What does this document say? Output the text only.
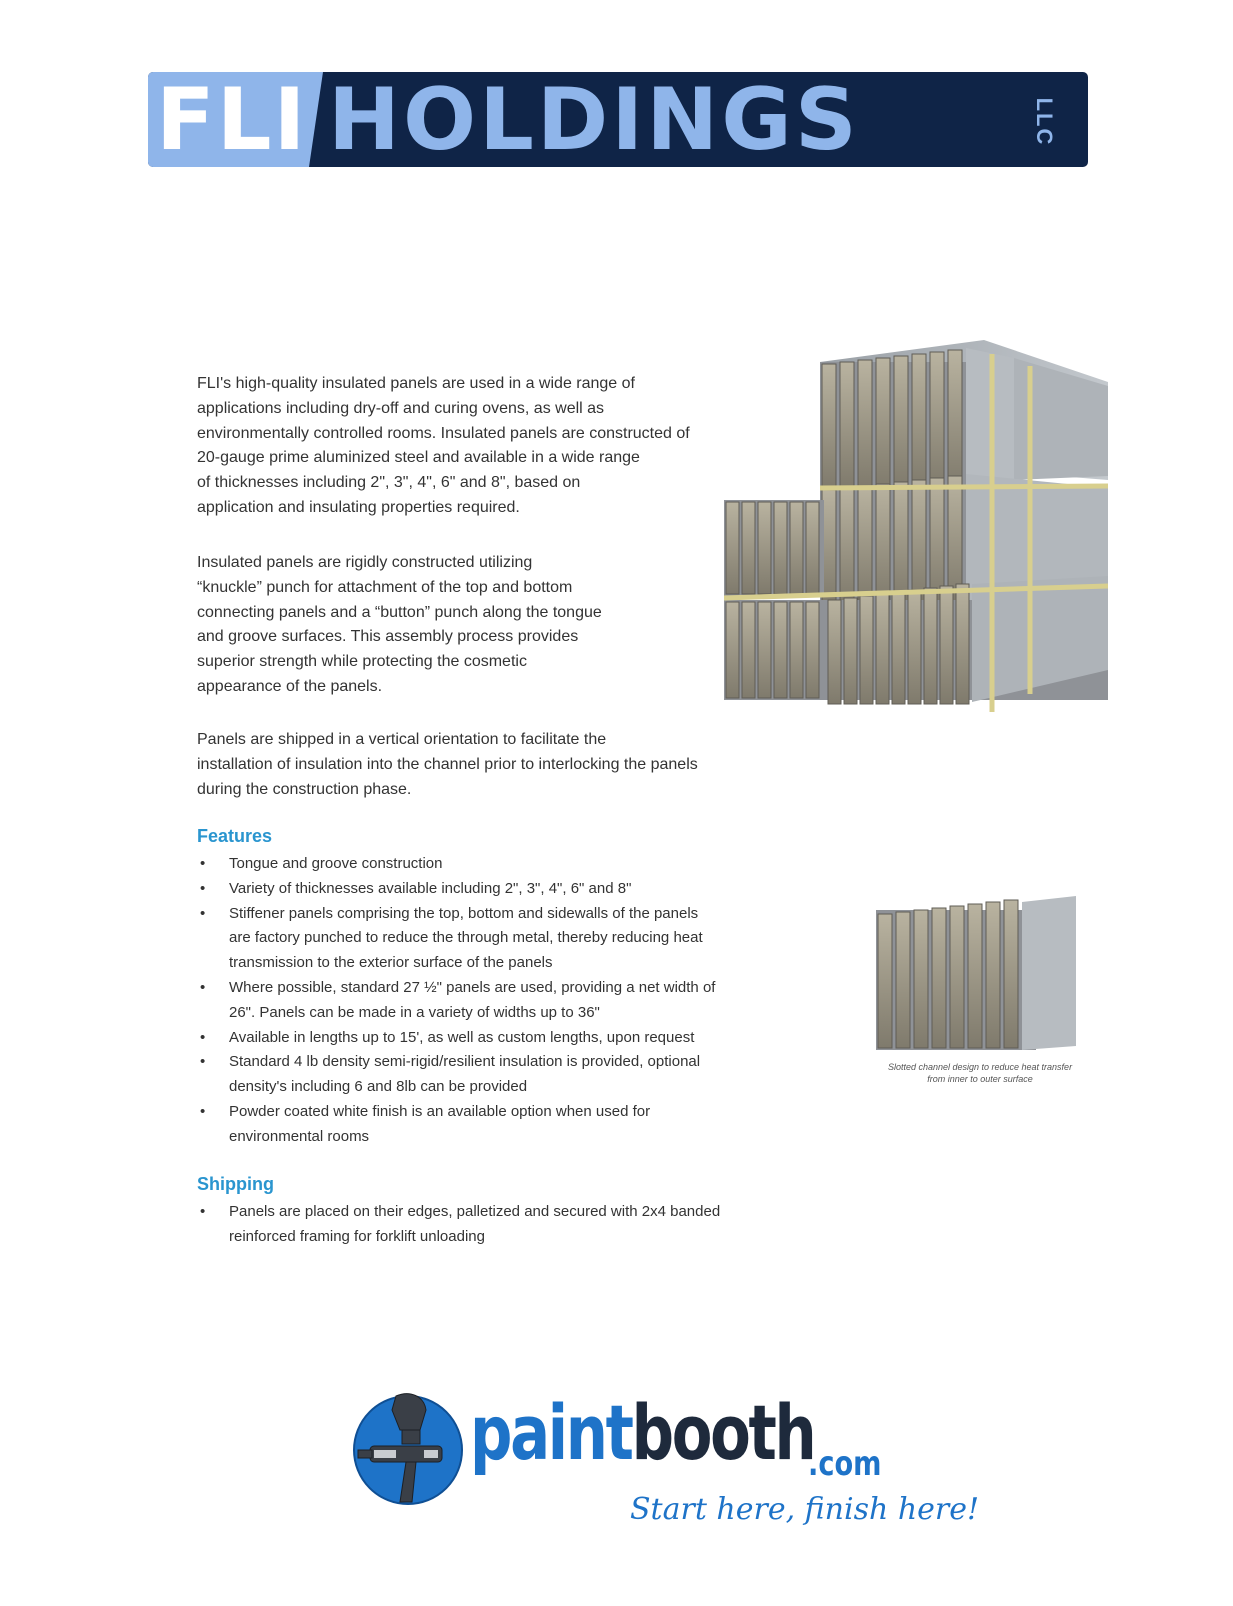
FLI HOLDINGS	LLC

FLI's high-quality insulated panels are used in a wide range of
applications including dry-off and curing ovens, as well as
environmentally controlled rooms. Insulated panels are constructed of
20-gauge prime aluminized steel and available in a wide range
of thicknesses including 2", 3", 4", 6" and 8", based on
application and insulating properties required.

Insulated panels are rigidly constructed utilizing
“knuckle” punch for attachment of the top and bottom
connecting panels and a “button” punch along the tongue
and groove surfaces. This assembly process provides
superior strength while protecting the cosmetic
appearance of the panels.

Panels are shipped in a vertical orientation to facilitate the
installation of insulation into the channel prior to interlocking the panels
during the construction phase.

Features
• Tongue and groove construction
• Variety of thicknesses available including 2", 3", 4", 6" and 8"
• Stiffener panels comprising the top, bottom and sidewalls of the panels
are factory punched to reduce the through metal, thereby reducing heat
transmission to the exterior surface of the panels
• Where possible, standard 27 ½" panels are used, providing a net width of
26". Panels can be made in a variety of widths up to 36"
• Available in lengths up to 15', as well as custom lengths, upon request
• Standard 4 lb density semi-rigid/resilient insulation is provided, optional
density's including 6 and 8lb can be provided
• Powder coated white finish is an available option when used for
environmental rooms
Shipping
• Panels are placed on their edges, palletized and secured with 2x4 banded
reinforced framing for forklift unloading
Slotted channel design to reduce heat transfer
from inner to outer surface
paintbooth
.com
Start here, finish here!
